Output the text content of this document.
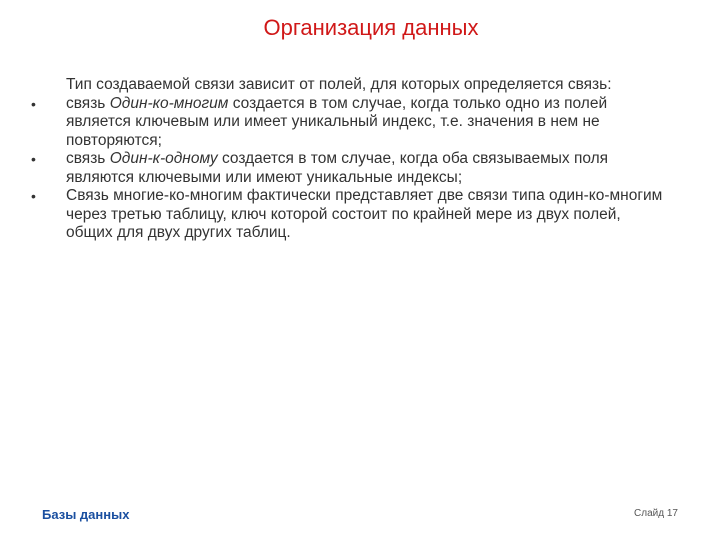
Организация данных

Тип создаваемой связи зависит от полей, для которых определяется связь:

• связь Один-ко-многим создается в том случае, когда только одно из полей является ключевым или имеет уникальный индекс, т.е. значения в нем не повторяются;
• связь Один-к-одному создается в том случае, когда оба связываемых поля являются ключевыми или имеют уникальные индексы;
• Связь многие-ко-многим фактически представляет две связи типа один-ко-многим через третью таблицу, ключ которой состоит по крайней мере из двух полей, общих для двух других таблиц.
Базы данных	Слайд 17
